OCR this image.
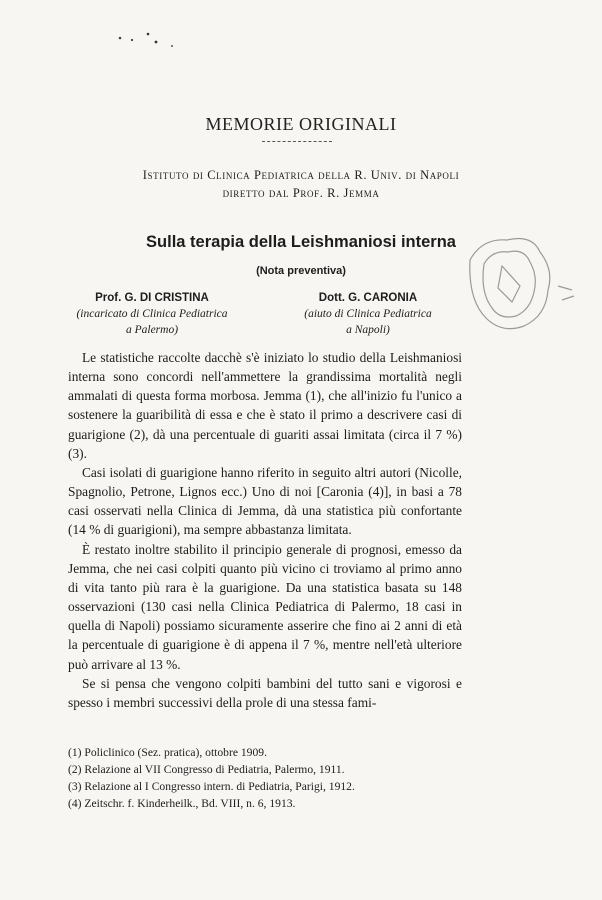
MEMORIE ORIGINALI
Istituto di Clinica Pediatrica della R. Univ. di Napoli
diretto dal Prof. R. Jemma
Sulla terapia della Leishmaniosi interna
(Nota preventiva)
Prof. G. DI CRISTINA
(incaricato di Clinica Pediatrica
a Palermo)
Dott. G. CARONIA
(aiuto di Clinica Pediatrica
a Napoli)

Le statistiche raccolte dacchè s'è iniziato lo studio della Leishmaniosi interna sono concordi nell'ammettere la grandissima mortalità negli ammalati di questa forma morbosa. Jemma (1), che all'inizio fu l'unico a sostenere la guaribilità di essa e che è stato il primo a descrivere casi di guarigione (2), dà una percentuale di guariti assai limitata (circa il 7 %) (3).

Casi isolati di guarigione hanno riferito in seguito altri autori (Nicolle, Spagnolio, Petrone, Lignos ecc.) Uno di noi [Caronia (4)], in basi a 78 casi osservati nella Clinica di Jemma, dà una statistica più confortante (14 % di guarigioni), ma sempre abbastanza limitata.

È restato inoltre stabilito il principio generale di prognosi, emesso da Jemma, che nei casi colpiti quanto più vicino ci troviamo al primo anno di vita tanto più rara è la guarigione. Da una statistica basata su 148 osservazioni (130 casi nella Clinica Pediatrica di Palermo, 18 casi in quella di Napoli) possiamo sicuramente asserire che fino ai 2 anni di età la percentuale di guarigione è di appena il 7 %, mentre nell'età ulteriore può arrivare al 13 %.

Se si pensa che vengono colpiti bambini del tutto sani e vigorosi e spesso i membri successivi della prole di una stessa fami-

(1) Policlinico (Sez. pratica), ottobre 1909.
(2) Relazione al VII Congresso di Pediatria, Palermo, 1911.
(3) Relazione al I Congresso intern. di Pediatria, Parigi, 1912.
(4) Zeitschr. f. Kinderheilk., Bd. VIII, n. 6, 1913.
